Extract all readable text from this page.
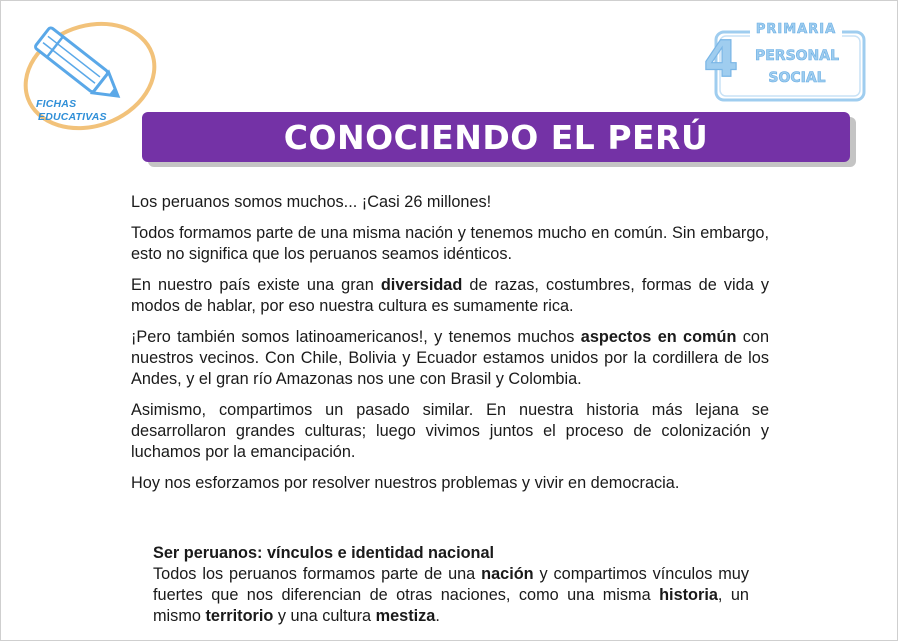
FICHAS
EDUCATIVAS
4
PRIMARIA
PERSONAL
SOCIAL
CONOCIENDO EL PERÚ

Los peruanos somos muchos... ¡Casi 26 millones!

Todos formamos parte de una misma nación y tenemos mucho en común. Sin embargo, esto no significa que los peruanos seamos idénticos.

En nuestro país existe una gran diversidad de razas, costumbres, formas de vida y modos de hablar, por eso nuestra cultura es sumamente rica.

¡Pero también somos latinoamericanos!, y tenemos muchos aspectos en común con nuestros vecinos. Con Chile, Bolivia y Ecuador estamos unidos por la cordillera de los Andes, y el gran río Amazonas nos une con Brasil y Colombia.

Asimismo, compartimos un pasado similar. En nuestra historia más lejana se desarrollaron grandes culturas; luego vivimos juntos el proceso de colonización y luchamos por la emancipación.

Hoy nos esforzamos por resolver nuestros problemas y vivir en democracia.

Ser peruanos: vínculos e identidad nacional

Todos los peruanos formamos parte de una nación y compartimos vínculos muy fuertes que nos diferencian de otras naciones, como una misma historia, un mismo territorio y una cultura mestiza.
